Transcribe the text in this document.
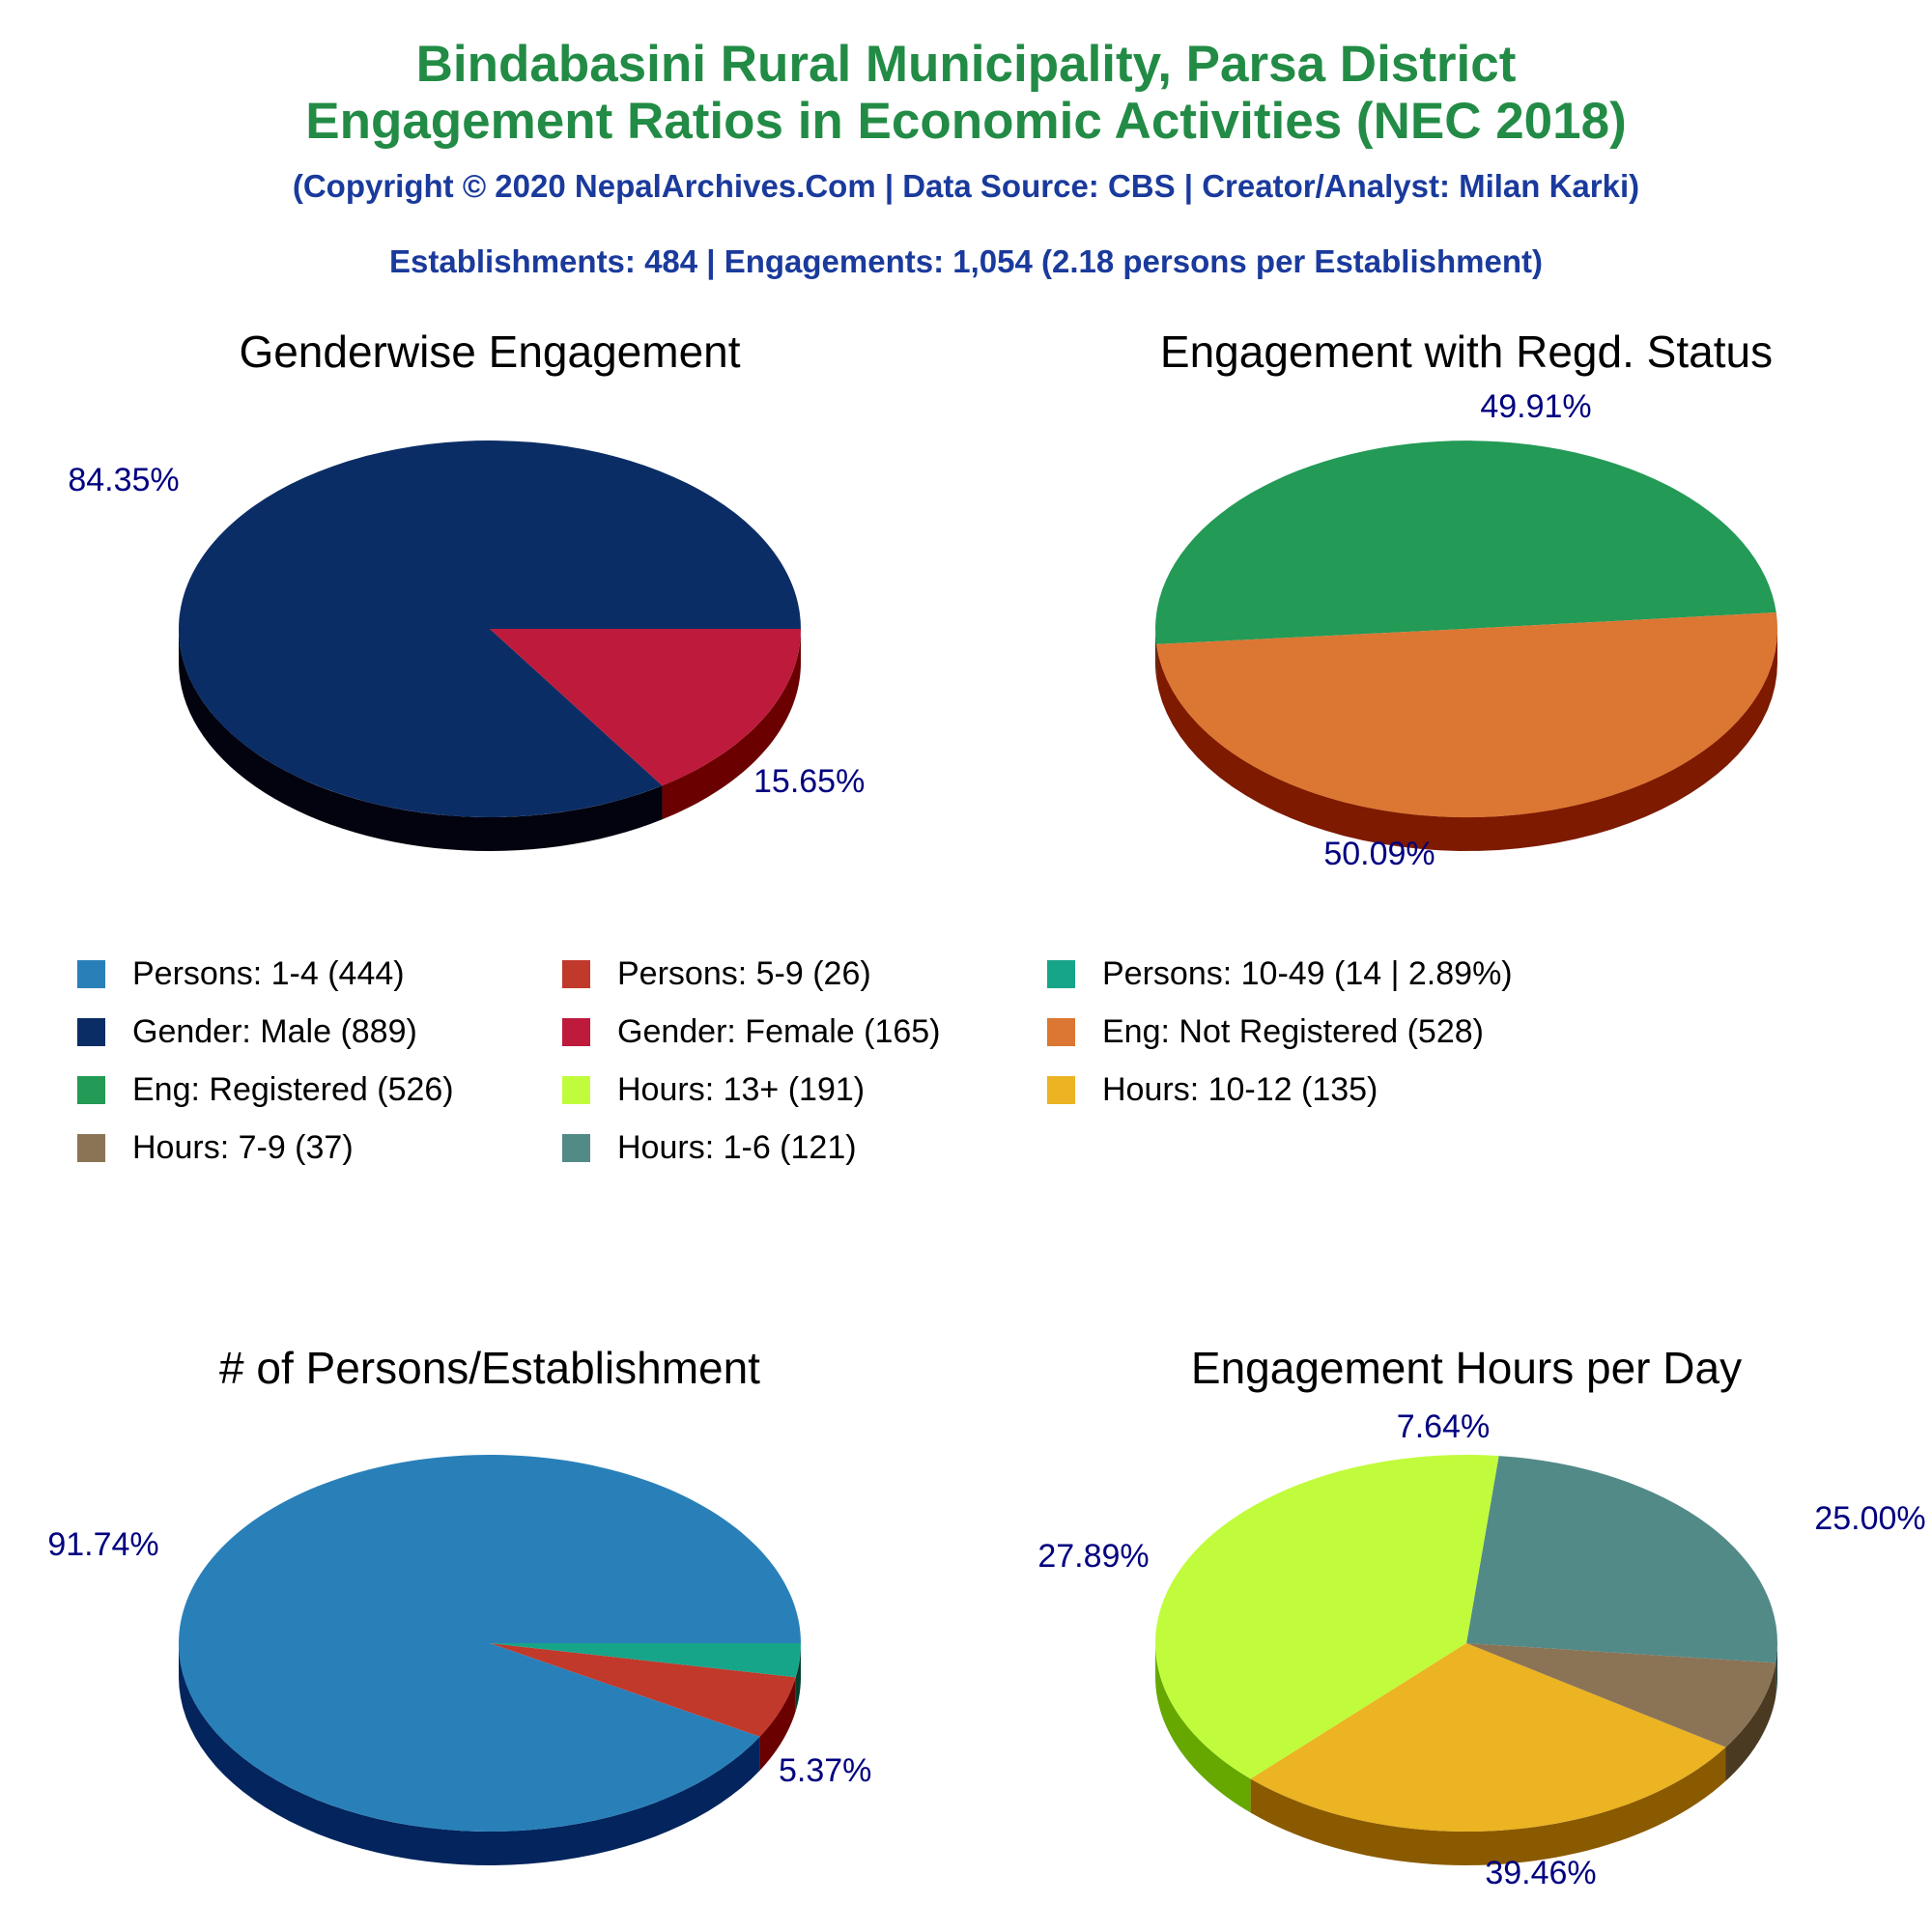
Bindabasini Rural Municipality, Parsa District
Engagement Ratios in Economic Activities (NEC 2018)
(Copyright © 2020 NepalArchives.Com | Data Source: CBS | Creator/Analyst: Milan Karki)
Establishments: 484 | Engagements: 1,054 (2.18 persons per Establishment)
Genderwise Engagement
84.35%
15.65%
Engagement with Regd. Status
49.91%
50.09%
# of Persons/Establishment
91.74%
5.37%
Engagement Hours per Day
25.00%
39.46%
27.89%
7.64%
Persons: 1-4 (444)	Persons: 5-9 (26)	Persons: 10-49 (14 | 2.89%)
Gender: Male (889)	Gender: Female (165)	Eng: Not Registered (528)
Eng: Registered (526)	Hours: 13+ (191)	Hours: 10-12 (135)
Hours: 7-9 (37)	Hours: 1-6 (121)
